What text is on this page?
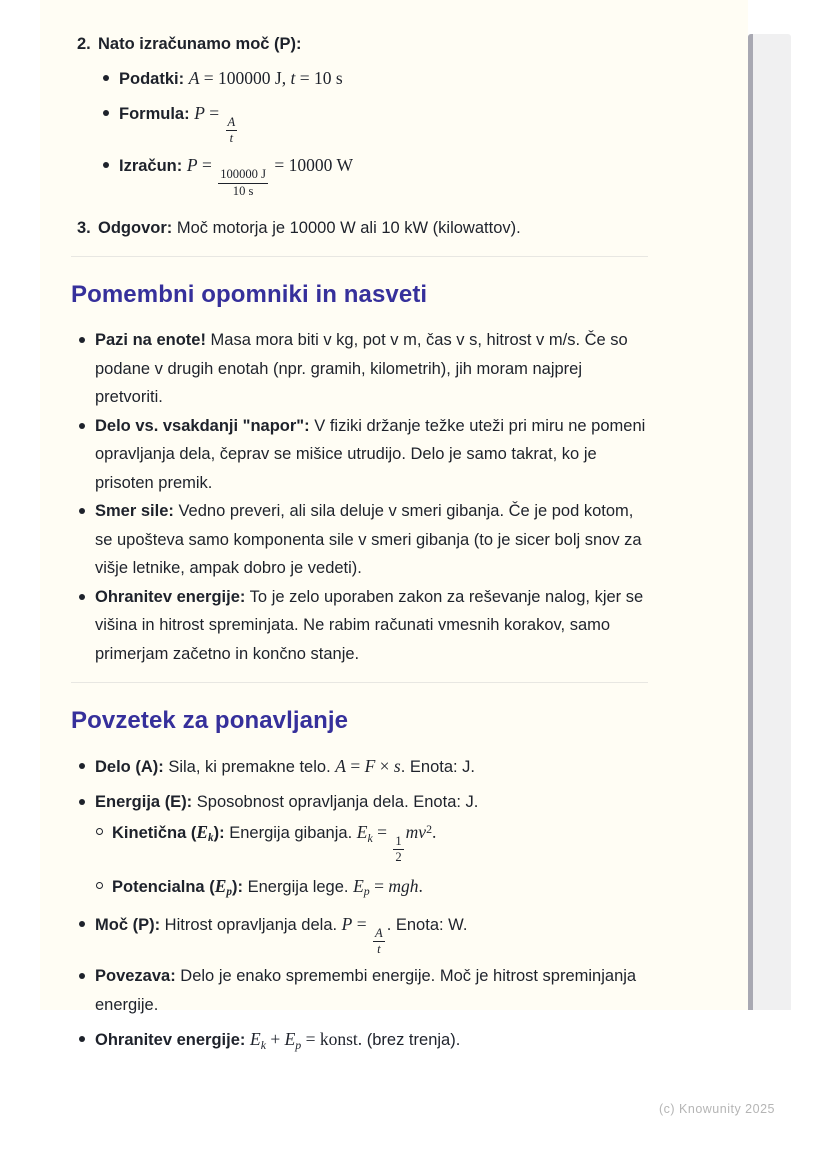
2. Nato izračunamo moč (P):
Podatki: A = 100000 J, t = 10 s
Formula: P =
$\frac{A}{t}$
Izračun: P =
$\frac{100000 J}{10 s}$
= 10000 W
3. Odgovor: Moč motorja je 10000 W ali 10 kW (kilowattov).
Pomembni opomniki in nasveti
Pazi na enote! Masa mora biti v kg, pot v m, čas v s, hitrost v m/s. Če so podane v drugih enotah (npr. gramih, kilometrih), jih moram najprej pretvoriti.
Delo vs. vsakdanji "napor": V fiziki držanje težke uteži pri miru ne pomeni opravljanja dela, čeprav se mišice utrudijo. Delo je samo takrat, ko je prisoten premik.
Smer sile: Vedno preveri, ali sila deluje v smeri gibanja. Če je pod kotom, se upošteva samo komponenta sile v smeri gibanja (to je sicer bolj snov za višje letnike, ampak dobro je vedeti).
Ohranitev energije: To je zelo uporaben zakon za reševanje nalog, kjer se višina in hitrost spreminjata. Ne rabim računati vmesnih korakov, samo primerjam začetno in končno stanje.
Povzetek za ponavljanje
Delo (A): Sila, ki premakne telo. A = F × s. Enota: J.
Energija (E): Sposobnost opravljanja dela. Enota: J.
Kinetična (Ek): Energija gibanja. Ek =
$\frac{1}{2}$
$mv^2$.
Potencialna (Ep): Energija lege. Ep = mgh.
Moč (P): Hitrost opravljanja dela. P =
$\frac{A}{t}$
. Enota: W.
Povezava: Delo je enako spremembi energije. Moč je hitrost spreminjanja energije.
Ohranitev energije: Ek + Ep = konst. (brez trenja).
(c) Knowunity 2025
